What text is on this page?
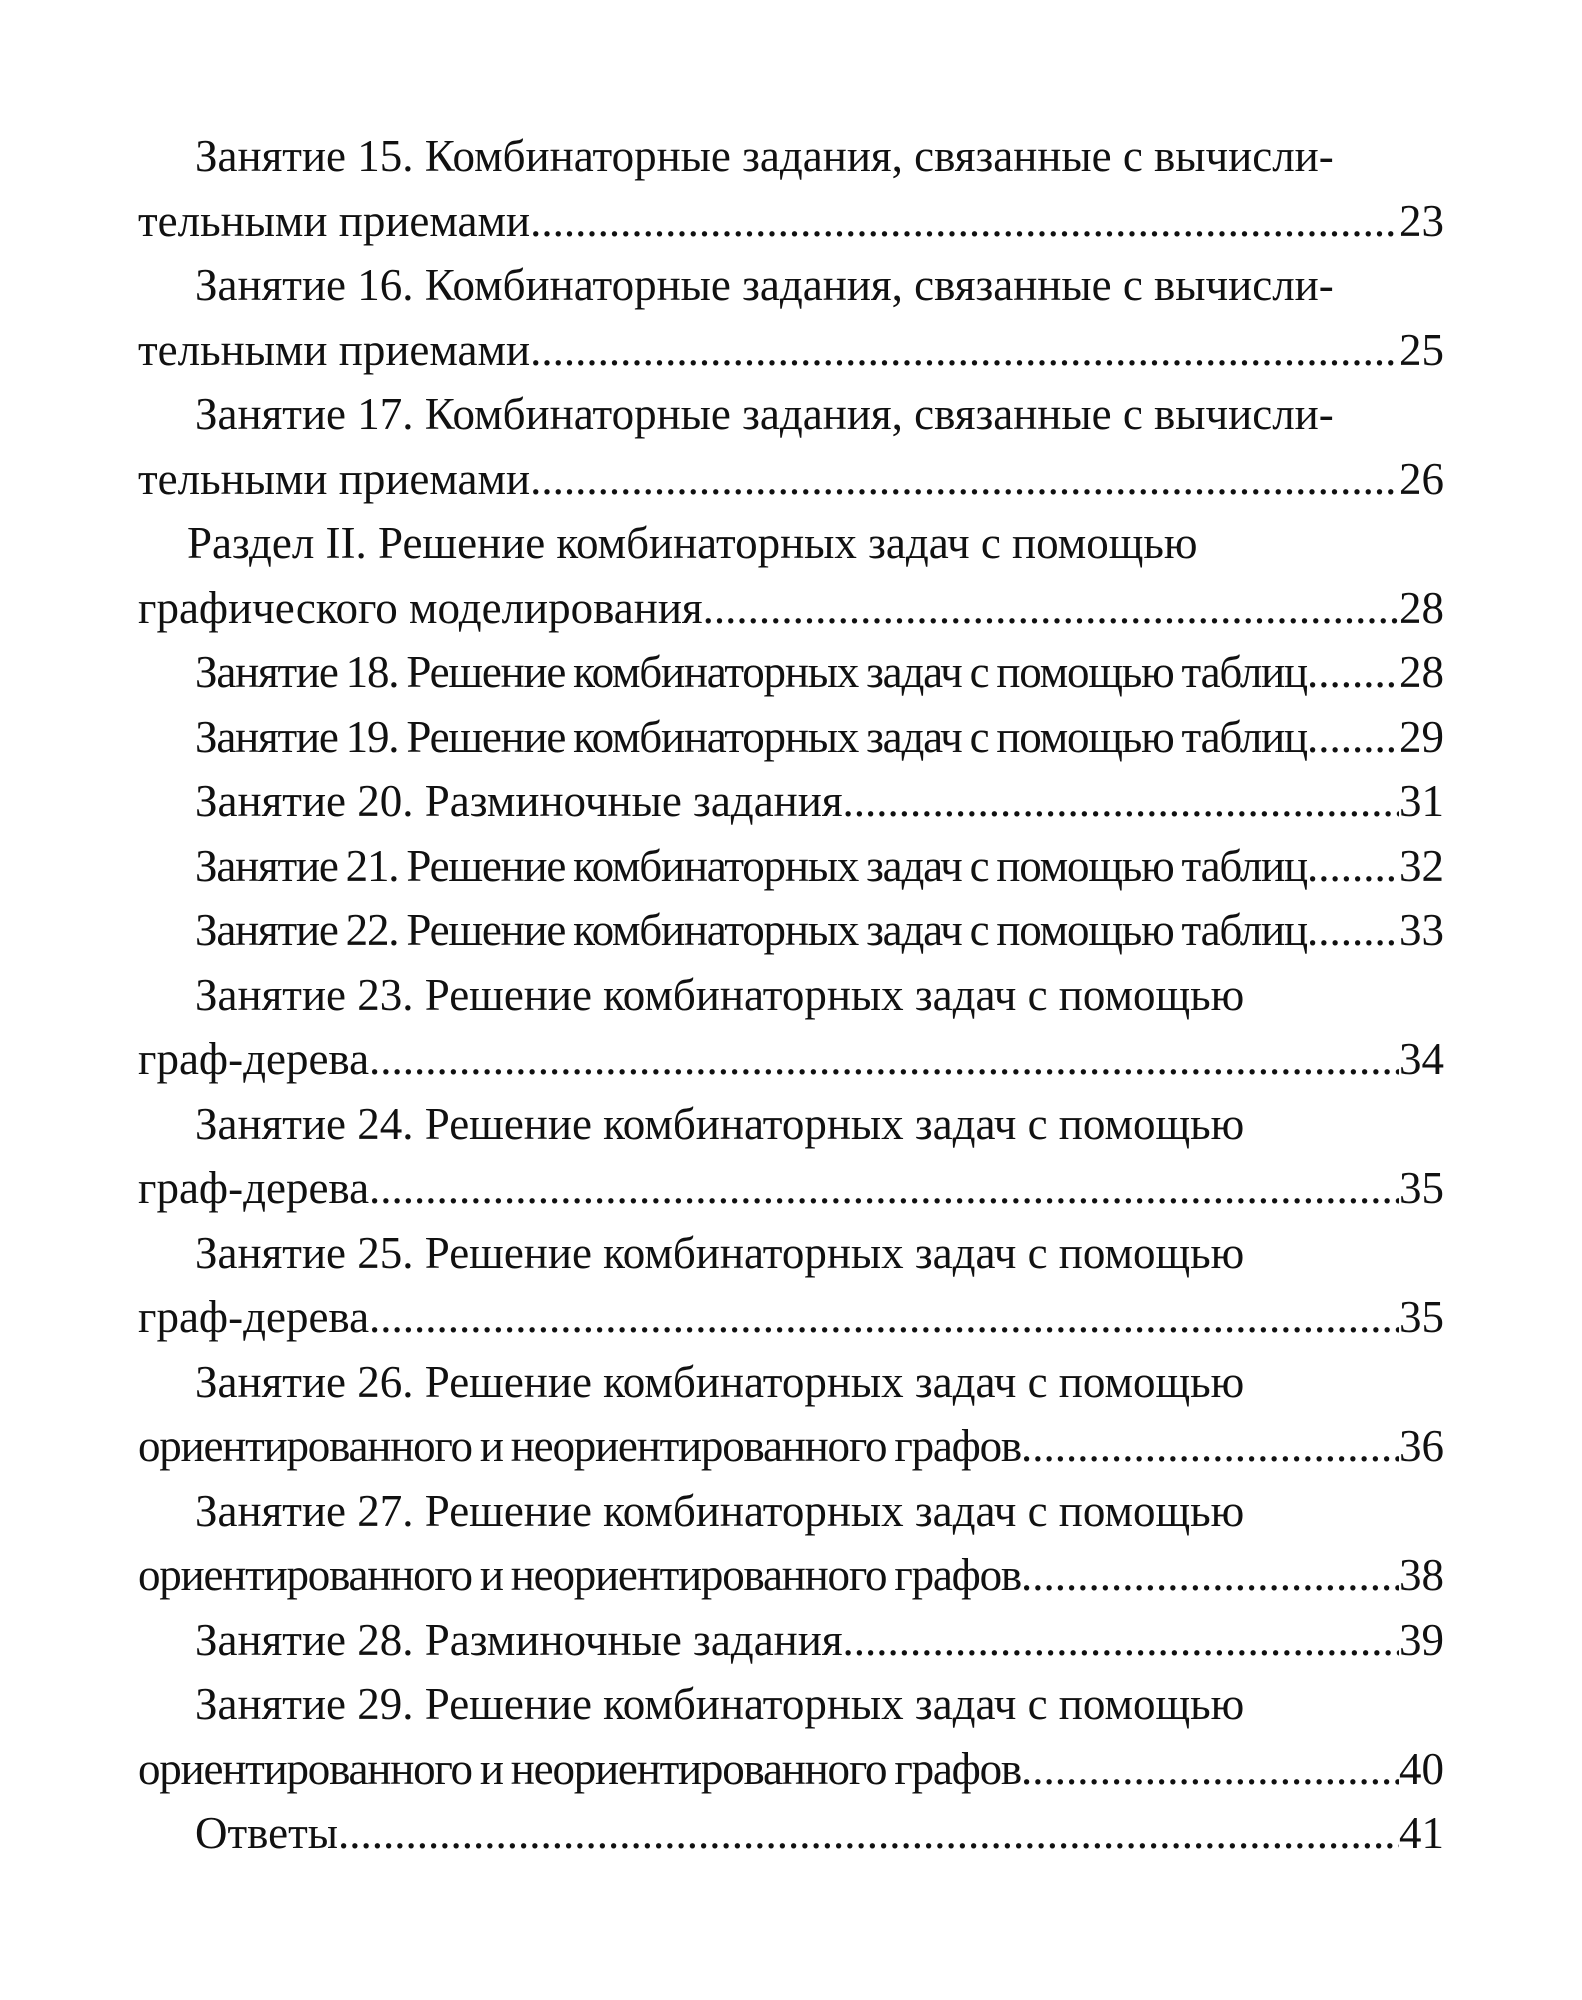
Занятие 15. Комбинаторные задания, связанные с вычисли-
тельными приемами .....	23
Занятие 16. Комбинаторные задания, связанные с вычисли-
тельными приемами .....	25
Занятие 17. Комбинаторные задания, связанные с вычисли-
тельными приемами .....	26
Раздел II. Решение комбинаторных задач с помощью
графического моделирования .....	28
Занятие 18. Решение комбинаторных задач с помощью таблиц ..... 28
Занятие 19. Решение комбинаторных задач с помощью таблиц ..... 29
Занятие 20. Разминочные задания .....	31
Занятие 21. Решение комбинаторных задач с помощью таблиц ..... 32
Занятие 22. Решение комбинаторных задач с помощью таблиц ..... 33
Занятие 23. Решение комбинаторных задач с помощью
граф-дерева .....	34
Занятие 24. Решение комбинаторных задач с помощью
граф-дерева .....	35
Занятие 25. Решение комбинаторных задач с помощью
граф-дерева .....	35
Занятие 26. Решение комбинаторных задач с помощью
ориентированного и неориентированного графов .....	36
Занятие 27. Решение комбинаторных задач с помощью
ориентированного и неориентированного графов .....	38
Занятие 28. Разминочные задания .....	39
Занятие 29. Решение комбинаторных задач с помощью
ориентированного и неориентированного графов .....	40
Ответы .....	41
